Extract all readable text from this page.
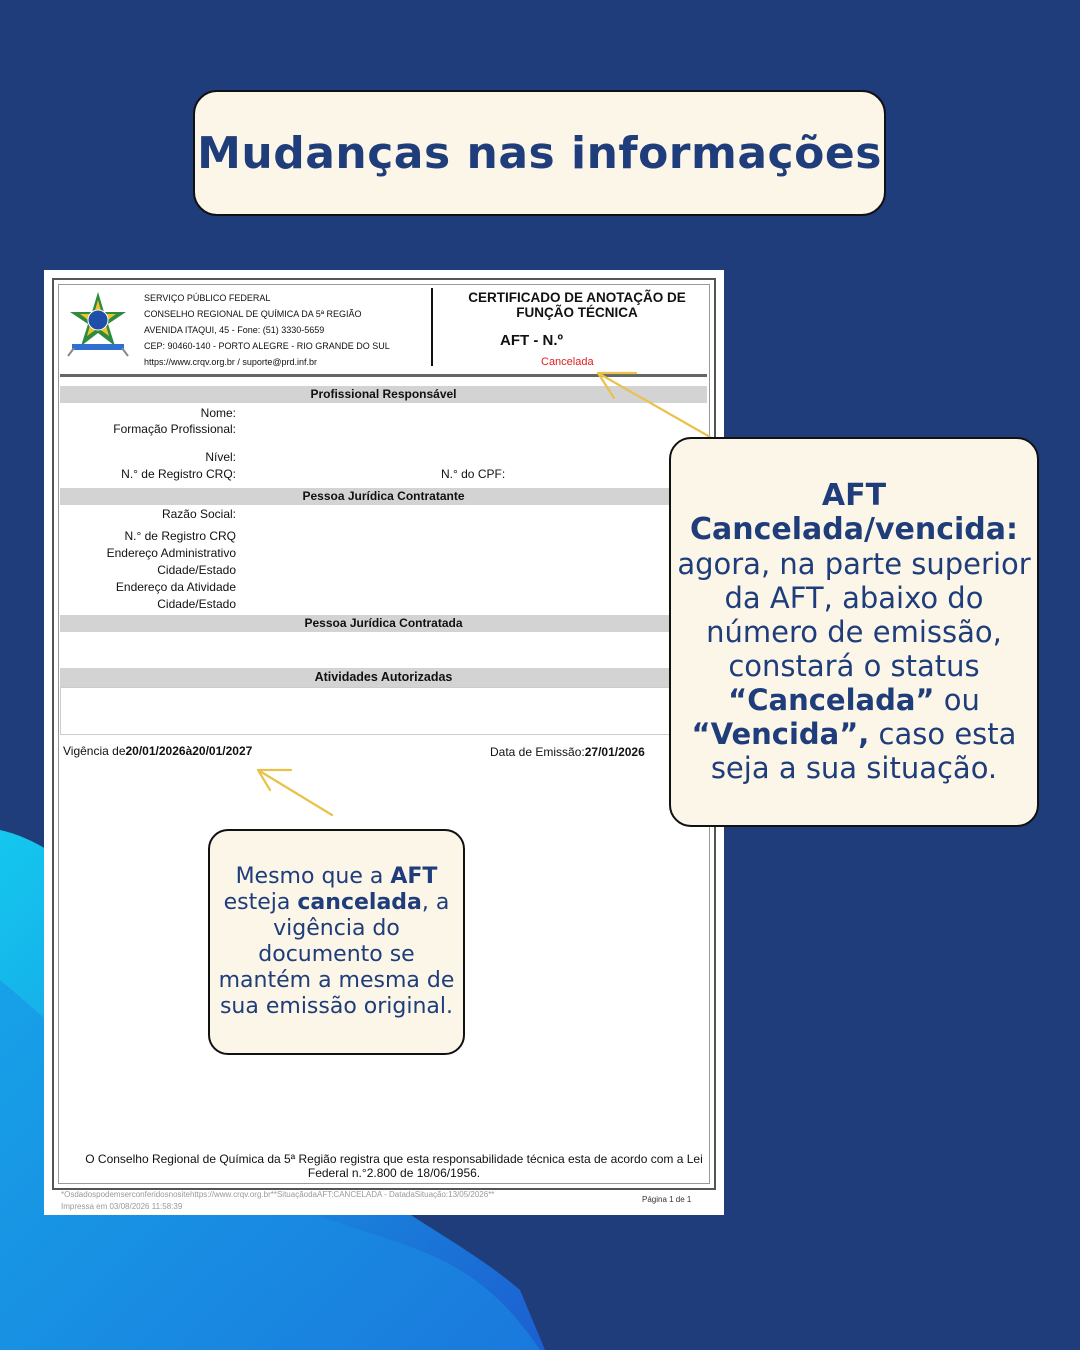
Mudanças nas informações
SERVIÇO PÚBLICO FEDERAL
CONSELHO REGIONAL DE QUÍMICA DA 5ª REGIÃO
AVENIDA ITAQUI, 45 - Fone: (51) 3330-5659
CEP: 90460-140 - PORTO ALEGRE - RIO GRANDE DO SUL
https://www.crqv.org.br / suporte@prd.inf.br
CERTIFICADO DE ANOTAÇÃO DE FUNÇÃO TÉCNICA
AFT - N.º
Cancelada
Profissional Responsável
Nome:
Formação Profissional:
Nível:
N.° de Registro CRQ:	N.° do CPF:
Pessoa Jurídica Contratante
Razão Social:
N.° de Registro CRQ
Endereço Administrativo
Cidade/Estado
Endereço da Atividade
Cidade/Estado
Pessoa Jurídica Contratada
Atividades Autorizadas
Vigência de20/01/2026à20/01/2027	Data de Emissão:27/01/2026
O Conselho Regional de Química da 5ª Região registra que esta responsabilidade técnica esta de acordo com a Lei Federal n.°2.800 de 18/06/1956.
*Osdadospodemserconferidosnositehttps://www.crqv.org.br**SituaçãodaAFT:CANCELADA - DatadaSituação:13/05/2026**
Impressa em 03/08/2026 11:58:39
Página 1 de 1
AFT Cancelada/vencida:
agora, na parte superior da AFT, abaixo do número de emissão, constará o status “Cancelada” ou “Vencida”, caso esta seja a sua situação.
Mesmo que a AFT esteja cancelada, a vigência do documento se mantém a mesma de sua emissão original.
